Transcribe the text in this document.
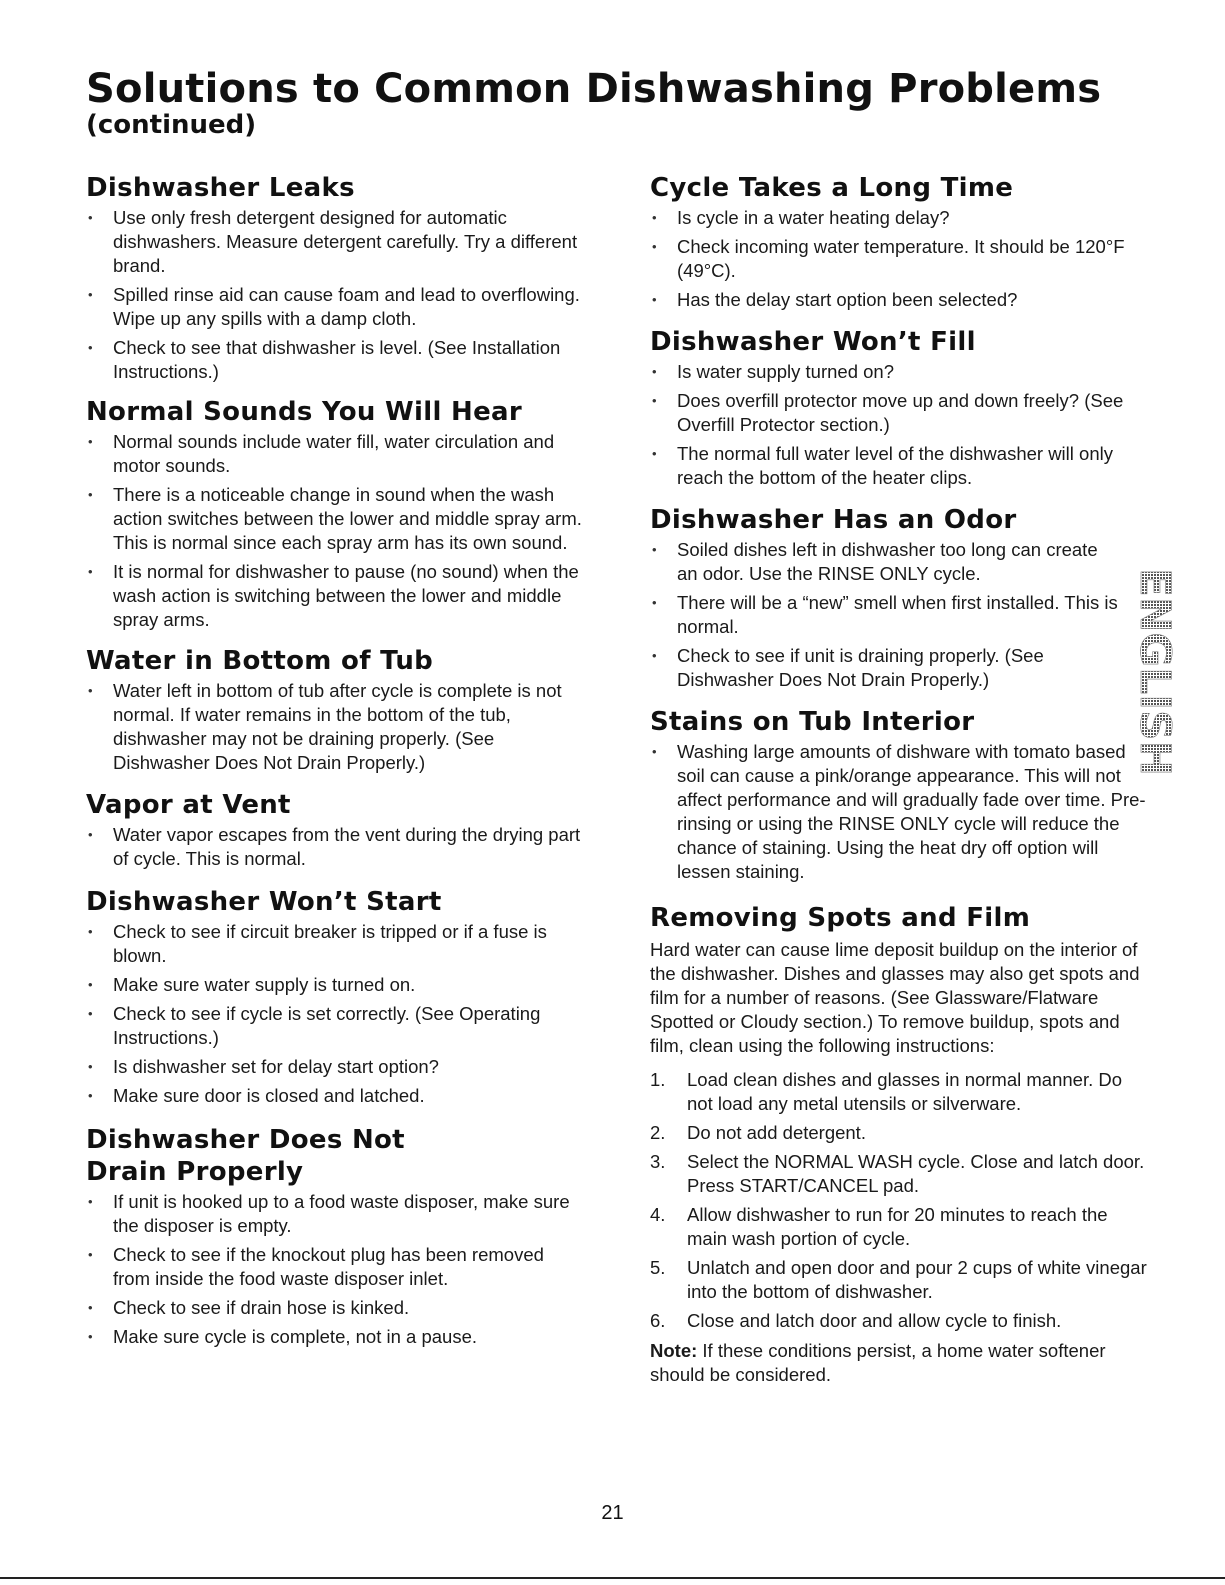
Solutions to Common Dishwashing Problems
(continued)
Dishwasher Leaks
• Use only fresh detergent designed for automatic dishwashers. Measure detergent carefully. Try a different brand.
• Spilled rinse aid can cause foam and lead to overflowing. Wipe up any spills with a damp cloth.
• Check to see that dishwasher is level. (See Installation Instructions.)
Normal Sounds You Will Hear
• Normal sounds include water fill, water circulation and motor sounds.
• There is a noticeable change in sound when the wash action switches between the lower and middle spray arm. This is normal since each spray arm has its own sound.
• It is normal for dishwasher to pause (no sound) when the wash action is switching between the lower and middle spray arms.
Water in Bottom of Tub
• Water left in bottom of tub after cycle is complete is not normal. If water remains in the bottom of the tub, dishwasher may not be draining properly. (See Dishwasher Does Not Drain Properly.)
Vapor at Vent
• Water vapor escapes from the vent during the drying part of cycle. This is normal.
Dishwasher Won’t Start
• Check to see if circuit breaker is tripped or if a fuse is blown.
• Make sure water supply is turned on.
• Check to see if cycle is set correctly. (See Operating Instructions.)
• Is dishwasher set for delay start option?
• Make sure door is closed and latched.
Dishwasher Does Not Drain Properly
• If unit is hooked up to a food waste disposer, make sure the disposer is empty.
• Check to see if the knockout plug has been removed from inside the food waste disposer inlet.
• Check to see if drain hose is kinked.
• Make sure cycle is complete, not in a pause.
Cycle Takes a Long Time
• Is cycle in a water heating delay?
• Check incoming water temperature. It should be 120°F (49°C).
• Has the delay start option been selected?
Dishwasher Won’t Fill
• Is water supply turned on?
• Does overfill protector move up and down freely? (See Overfill Protector section.)
• The normal full water level of the dishwasher will only reach the bottom of the heater clips.
Dishwasher Has an Odor
• Soiled dishes left in dishwasher too long can create an odor. Use the RINSE ONLY cycle.
• There will be a “new” smell when first installed. This is normal.
• Check to see if unit is draining properly. (See Dishwasher Does Not Drain Properly.)
Stains on Tub Interior
• Washing large amounts of dishware with tomato based soil can cause a pink/orange appearance. This will not affect performance and will gradually fade over time. Pre-rinsing or using the RINSE ONLY cycle will reduce the chance of staining. Using the heat dry off option will lessen staining.
Removing Spots and Film

Hard water can cause lime deposit buildup on the interior of the dishwasher. Dishes and glasses may also get spots and film for a number of reasons. (See Glassware/Flatware Spotted or Cloudy section.) To remove buildup, spots and film, clean using the following instructions:

1. Load clean dishes and glasses in normal manner. Do not load any metal utensils or silverware.
2. Do not add detergent.
3. Select the NORMAL WASH cycle. Close and latch door. Press START/CANCEL pad.
4. Allow dishwasher to run for 20 minutes to reach the main wash portion of cycle.
5. Unlatch and open door and pour 2 cups of white vinegar into the bottom of dishwasher.
6. Close and latch door and allow cycle to finish.

Note: If these conditions persist, a home water softener should be considered.

ENGLISH
21
